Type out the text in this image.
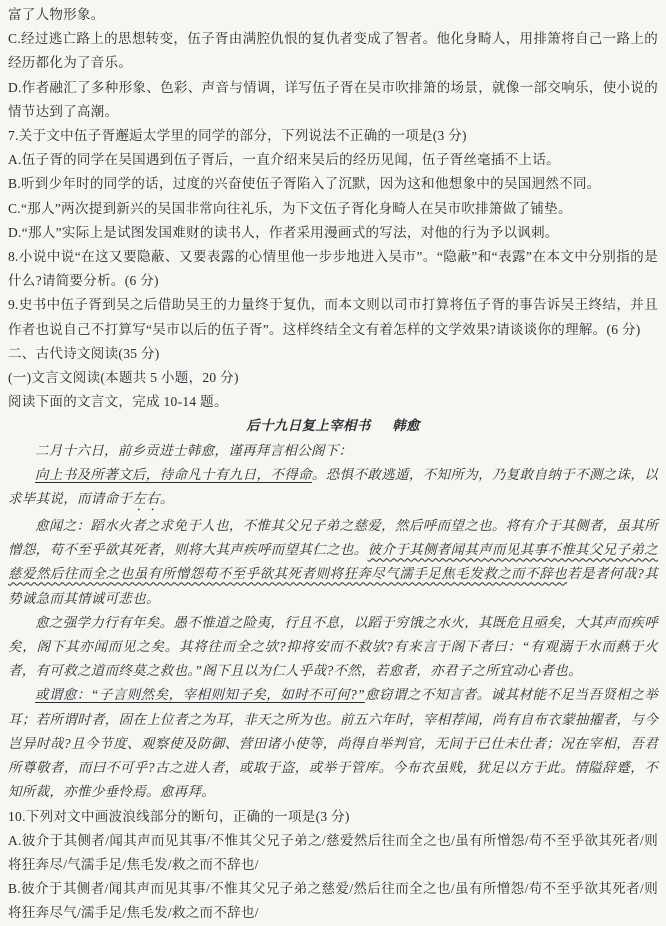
富了人物形象。

C.经过逃亡路上的思想转变，伍子胥由满腔仇恨的复仇者变成了智者。他化身畸人，用排箫将自己一路上的经历都化为了音乐。

D.作者融汇了多种形象、色彩、声音与情调，详写伍子胥在吴市吹排箫的场景，就像一部交响乐，使小说的情节达到了高潮。

7.关于文中伍子胥邂逅太学里的同学的部分，下列说法不正确的一项是(3 分)

A.伍子胥的同学在吴国遇到伍子胥后，一直介绍来吴后的经历见闻，伍子胥丝毫插不上话。

B.听到少年时的同学的话，过度的兴奋使伍子胥陷入了沉默，因为这和他想象中的吴国迥然不同。

C.“那人”两次提到新兴的吴国非常向往礼乐，为下文伍子胥化身畸人在吴市吹排箫做了铺垫。

D.“那人”实际上是试图发国难财的读书人，作者采用漫画式的写法，对他的行为予以讽刺。

8.小说中说“在这又要隐蔽、又要表露的心情里他一步步地进入吴市”。“隐蔽”和“表露”在本文中分别指的是什么?请简要分析。(6 分)

9.史书中伍子胥到吴之后借助吴王的力量终于复仇，而本文则以司市打算将伍子胥的事告诉吴王终结，并且作者也说自己不打算写“吴市以后的伍子胥”。这样终结全文有着怎样的文学效果?请谈谈你的理解。(6 分)

二、古代诗文阅读(35 分)

(一)文言文阅读(本题共 5 小题，20 分)

阅读下面的文言文，完成 10-14 题。

后十九日复上宰相书 韩愈

二月十六日，前乡贡进士韩愈，谨再拜言相公阁下：

向上书及所著文后，待命凡十有九日，不得命。恐惧不敢逃遁，不知所为，乃复敢自纳于不测之诛，以求毕其说，而请命于左右。

愈闻之：蹈水火者之求免于人也，不惟其父兄子弟之慈爱，然后呼而望之也。将有介于其侧者，虽其所憎怨，苟不至乎欲其死者，则将大其声疾呼而望其仁之也。彼介于其侧者闻其声而见其事不惟其父兄子弟之慈爱然后往而全之也虽有所憎怨苟不至乎欲其死者则将狂奔尽气濡手足焦毛发救之而不辞也若是者何哉?其势诚急而其情诚可悲也。

愈之强学力行有年矣。愚不惟道之险夷，行且不息，以蹈于穷饿之水火，其既危且亟矣，大其声而疾呼矣，阁下其亦闻而见之矣。其将往而全之欤?抑将安而不救欤?有来言于阁下者曰：“有观溺于水而爇于火者，有可救之道而终莫之救也。”阁下且以为仁人乎哉?不然，若愈者，亦君子之所宜动心者也。

或谓愈：“子言则然矣，宰相则知子矣，如时不可何?”愈窃谓之不知言者。诚其材能不足当吾贤相之举耳；若所谓时者，固在上位者之为耳，非天之所为也。前五六年时，宰相荐闻，尚有自布衣蒙抽擢者，与今岂异时哉?且今节度、观察使及防御、营田诸小使等，尚得自举判官，无间于已仕未仕者；况在宰相，吾君所尊敬者，而曰不可乎?古之进人者，或取于盗，或举于管库。今布衣虽贱，犹足以方于此。情隘辞蹙，不知所裁，亦惟少垂怜焉。愈再拜。

10.下列对文中画波浪线部分的断句，正确的一项是(3 分)

A.彼介于其侧者/闻其声而见其事/不惟其父兄子弟之/慈爱然后往而全之也/虽有所憎怨/苟不至乎欲其死者/则将狂奔尽/气濡手足/焦毛发/救之而不辞也/

B.彼介于其侧者/闻其声而见其事/不惟其父兄子弟之慈爱/然后往而全之也/虽有所憎怨/苟不至乎欲其死者/则将狂奔尽气/濡手足/焦毛发/救之而不辞也/
